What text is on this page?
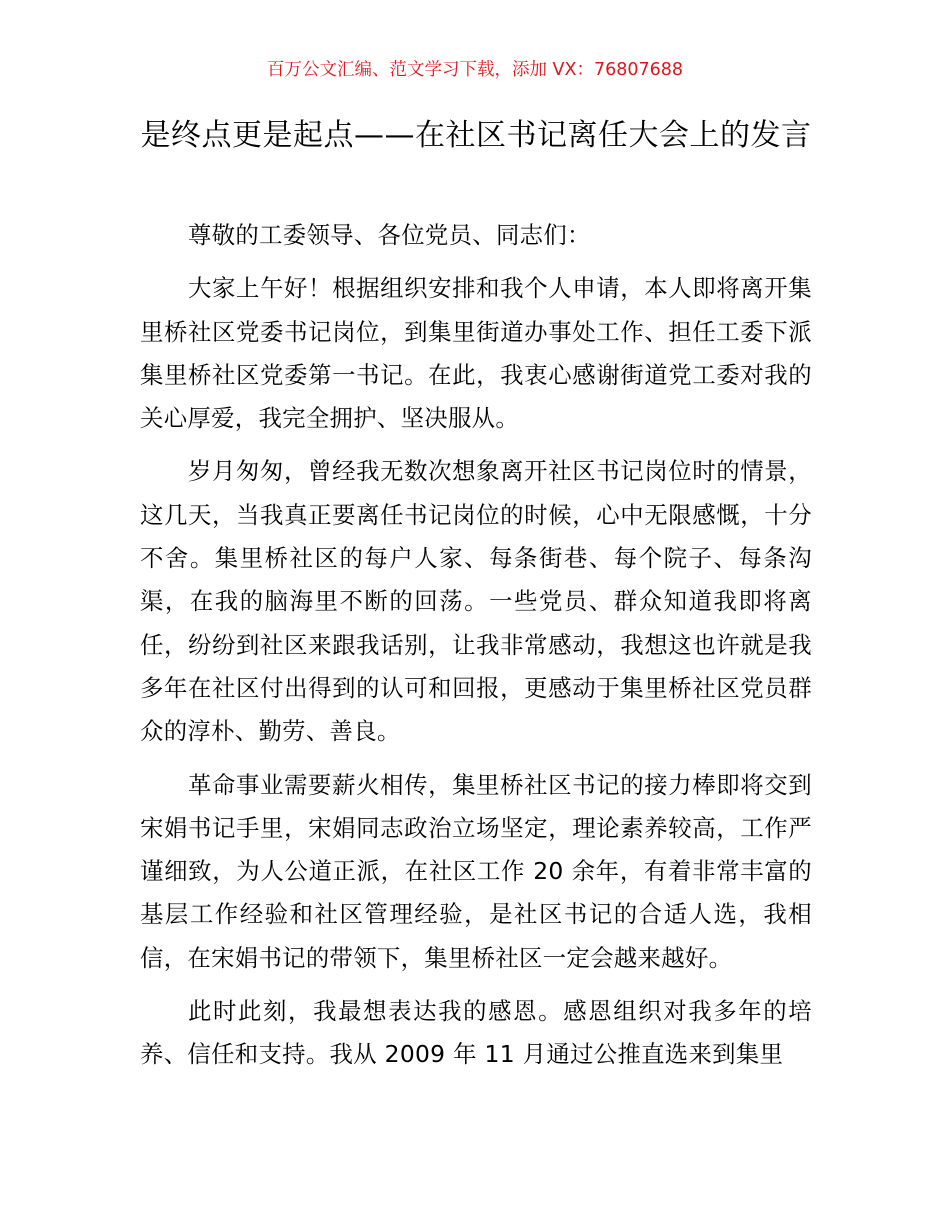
百万公文汇编、范文学习下载，添加 VX：76807688
是终点更是起点——在社区书记离任大会上的发言

尊敬的工委领导、各位党员、同志们：

大家上午好！根据组织安排和我个人申请，本人即将离开集里桥社区党委书记岗位，到集里街道办事处工作、担任工委下派集里桥社区党委第一书记。在此，我衷心感谢街道党工委对我的关心厚爱，我完全拥护、坚决服从。

岁月匆匆，曾经我无数次想象离开社区书记岗位时的情景，这几天，当我真正要离任书记岗位的时候，心中无限感慨，十分不舍。集里桥社区的每户人家、每条街巷、每个院子、每条沟渠，在我的脑海里不断的回荡。一些党员、群众知道我即将离任，纷纷到社区来跟我话别，让我非常感动，我想这也许就是我多年在社区付出得到的认可和回报，更感动于集里桥社区党员群众的淳朴、勤劳、善良。

革命事业需要薪火相传，集里桥社区书记的接力棒即将交到宋娟书记手里，宋娟同志政治立场坚定，理论素养较高，工作严谨细致，为人公道正派，在社区工作 20 余年，有着非常丰富的基层工作经验和社区管理经验，是社区书记的合适人选，我相信，在宋娟书记的带领下，集里桥社区一定会越来越好。

此时此刻，我最想表达我的感恩。感恩组织对我多年的培养、信任和支持。我从 2009 年 11 月通过公推直选来到集里
